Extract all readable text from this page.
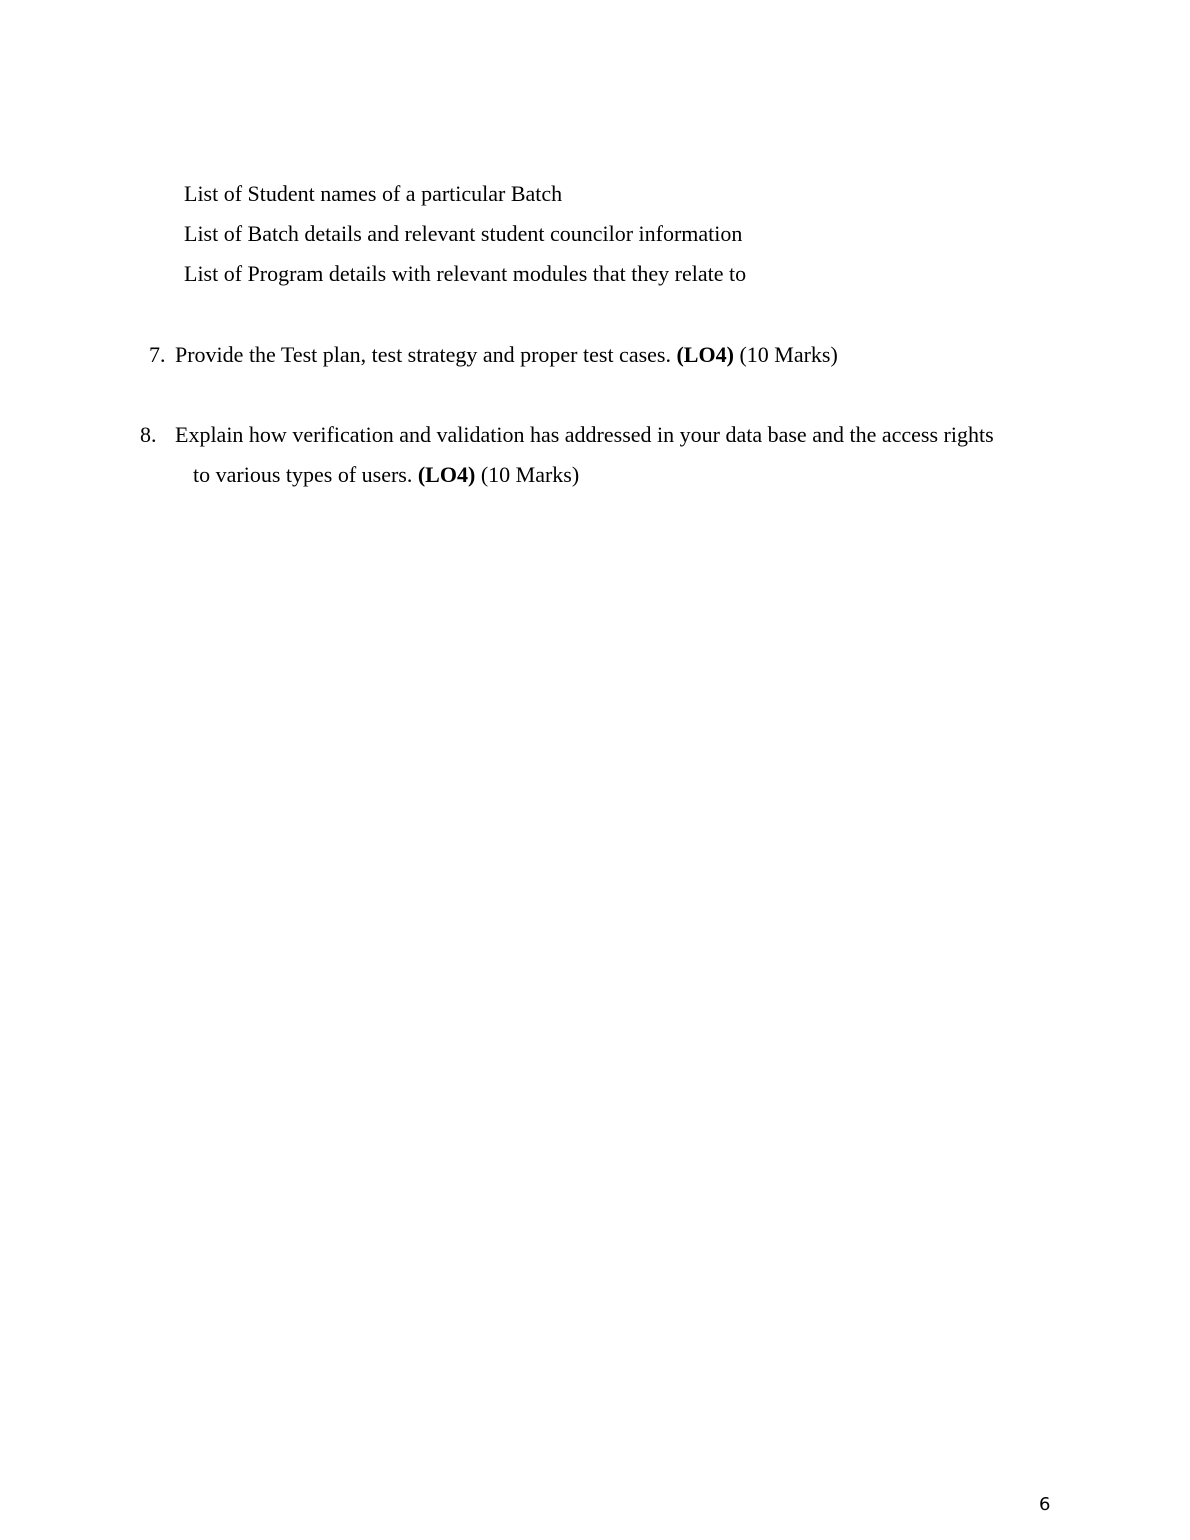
List of Student names of a particular Batch
List of Batch details and relevant student councilor information
List of Program details with relevant modules that they relate to
7. Provide the Test plan, test strategy and proper test cases. (LO4) (10 Marks)
8. Explain how verification and validation has addressed in your data base and the access rights
to various types of users. (LO4) (10 Marks)
6
